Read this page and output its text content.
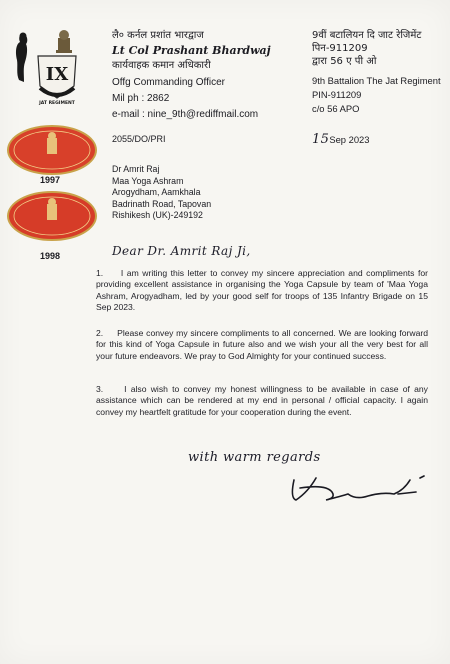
IX
JAT REGIMENT
लै० कर्नल प्रशांत भारद्वाज
Lt Col Prashant Bhardwaj
कार्यवाहक कमान अधिकारी
Offg Commanding Officer
Mil ph : 2862
e-mail : nine_9th@rediffmail.com
9वीं बटालियन दि जाट रेजिमेंट
पिन-911209
द्वारा 56 ए पी ओ
9th Battalion The Jat Regiment
PIN-911209
c/o 56 APO
2055/DO/PRI	15Sep 2023
1997
1998
Dr Amrit Raj
Maa Yoga Ashram
Arogydham, Aamkhala
Badrinath Road, Tapovan
Rishikesh (UK)-249192
Dear Dr. Amrit Raj Ji,
1. I am writing this letter to convey my sincere appreciation and compliments for providing excellent assistance in organising the Yoga Capsule by team of 'Maa Yoga Ashram, Arogyadham, led by your good self for troops of 135 Infantry Brigade on 15 Sep 2023.
2. Please convey my sincere compliments to all concerned. We are looking forward for this kind of Yoga Capsule in future also and we wish your all the very best for all your future endeavors. We pray to God Almighty for your continued success.
3. I also wish to convey my honest willingness to be available in case of any assistance which can be rendered at my end in personal / official capacity. I again convey my heartfelt gratitude for your cooperation during the event.
with warm regards
